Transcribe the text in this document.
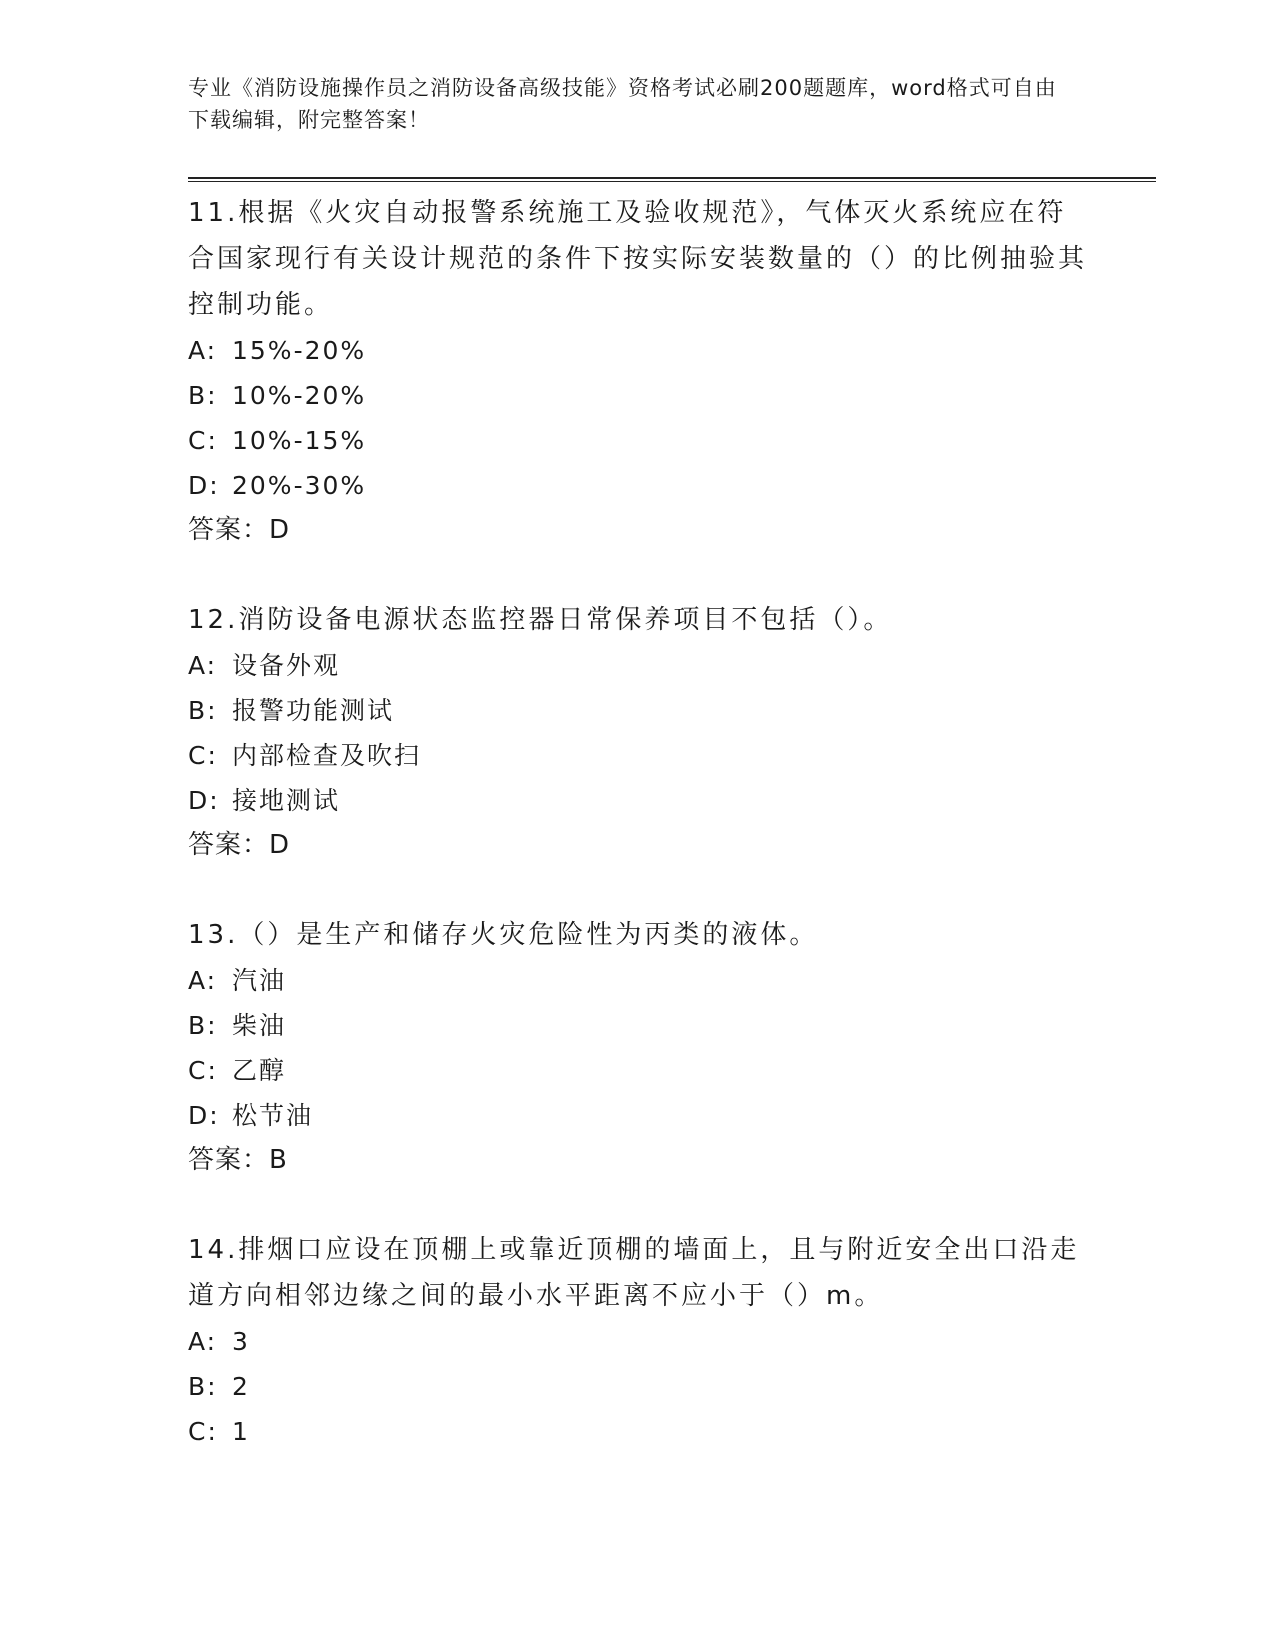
专业《消防设施操作员之消防设备高级技能》资格考试必刷200题题库，word格式可自由下载编辑，附完整答案！

11.根据《火灾自动报警系统施工及验收规范》，气体灭火系统应在符合国家现行有关设计规范的条件下按实际安装数量的（）的比例抽验其控制功能。

A: 15%-20%

B: 10%-20%

C: 10%-15%

D: 20%-30%

答案：D

12.消防设备电源状态监控器日常保养项目不包括（）。

A: 设备外观

B: 报警功能测试

C: 内部检查及吹扫

D: 接地测试

答案：D

13.（）是生产和储存火灾危险性为丙类的液体。

A: 汽油

B: 柴油

C: 乙醇

D: 松节油

答案：B

14.排烟口应设在顶棚上或靠近顶棚的墙面上，且与附近安全出口沿走道方向相邻边缘之间的最小水平距离不应小于（）m。

A: 3

B: 2

C: 1
